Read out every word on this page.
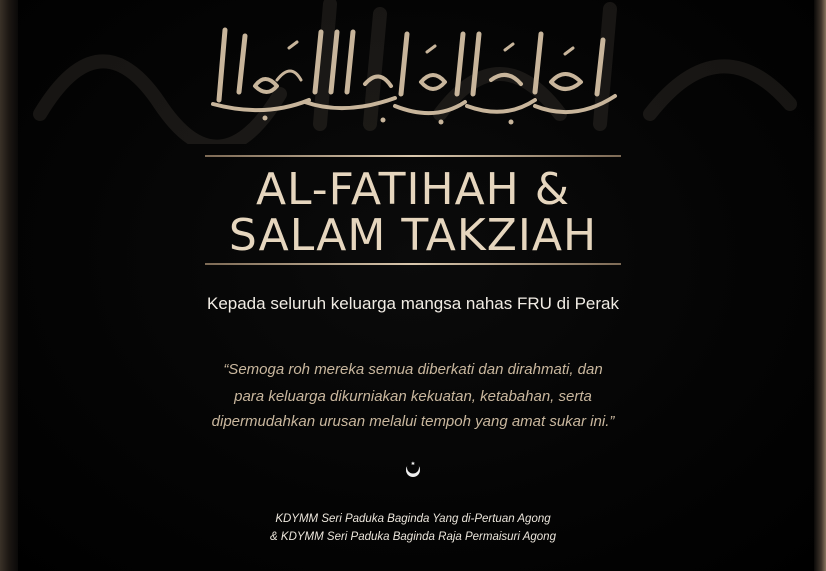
AL-FATIHAH &
SALAM TAKZIAH
Kepada seluruh keluarga mangsa nahas FRU di Perak
“Semoga roh mereka semua diberkati dan dirahmati, dan
para keluarga dikurniakan kekuatan, ketabahan, serta
dipermudahkan urusan melalui tempoh yang amat sukar ini.”
KDYMM Seri Paduka Baginda Yang di-Pertuan Agong
& KDYMM Seri Paduka Baginda Raja Permaisuri Agong
